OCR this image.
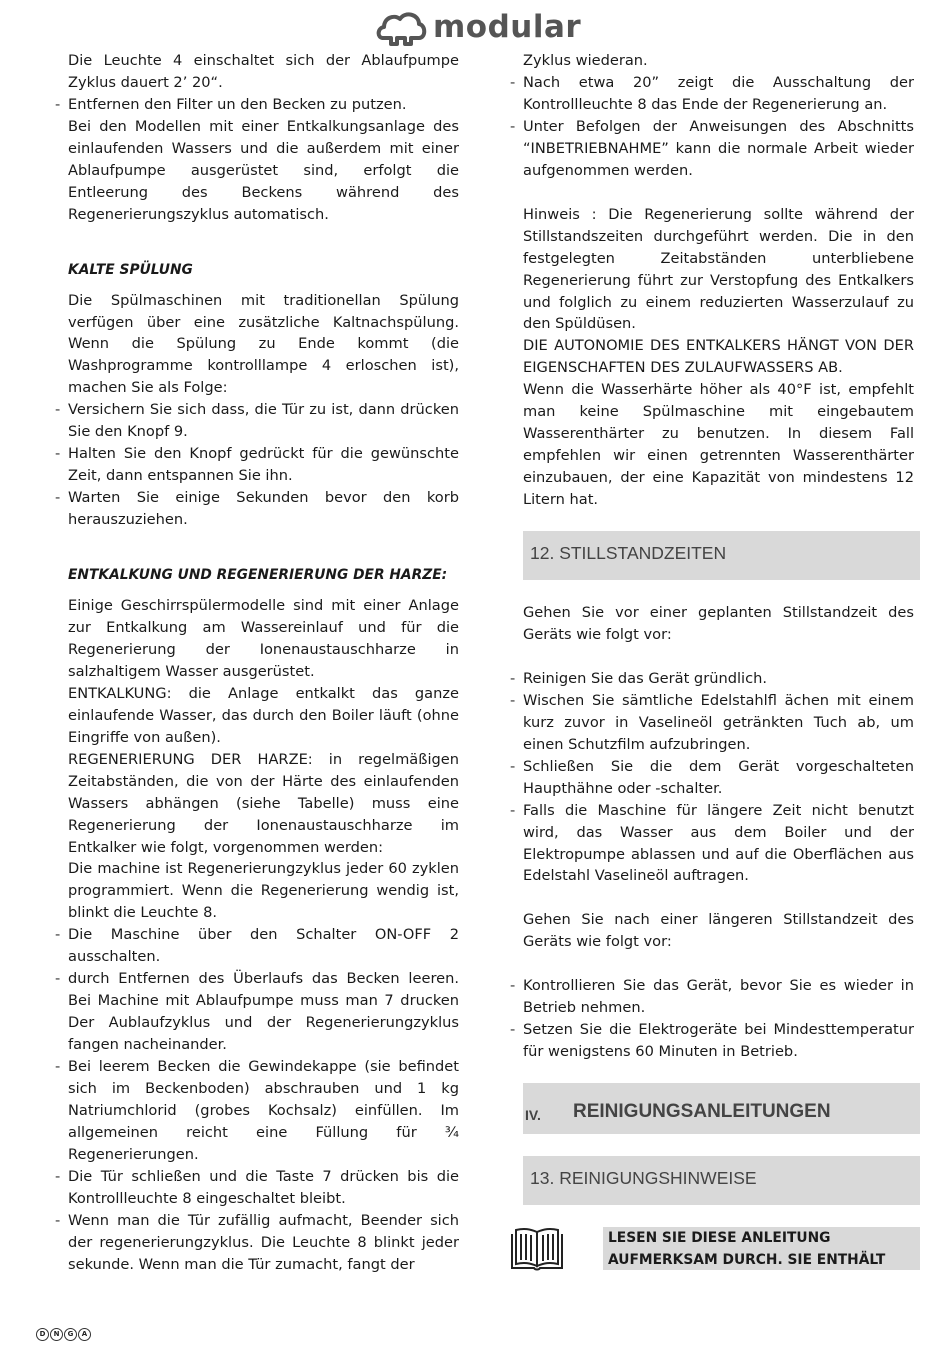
modular

Die Leuchte 4 einschaltet sich der Ablaufpumpe Zyklus dauert 2’ 20“.

- Entfernen den Filter un den Becken zu putzen.

Bei den Modellen mit einer Entkalkungsanlage des einlaufenden Wassers und die außerdem mit einer Ablaufpumpe ausgerüstet sind, erfolgt die Entleerung des Beckens während des Regenerierungszyklus automatisch.

KALTE SPÜLUNG

Die Spülmaschinen mit traditionellan Spülung verfügen über eine zusätzliche Kaltnachspülung. Wenn die Spülung zu Ende kommt (die Washprogramme kontrolllampe 4 erloschen ist), machen Sie als Folge:

- Versichern Sie sich dass, die Tür zu ist, dann drücken Sie den Knopf 9.

- Halten Sie den Knopf gedrückt für die gewünschte Zeit, dann entspannen Sie ihn.

- Warten Sie einige Sekunden bevor den korb herauszuziehen.

ENTKALKUNG UND REGENERIERUNG DER HARZE:

Einige Geschirrspülermodelle sind mit einer Anlage zur Entkalkung am Wassereinlauf und für die Regenerierung der Ionenaustauschharze in salzhaltigem Wasser ausgerüstet.

ENTKALKUNG: die Anlage entkalkt das ganze einlaufende Wasser, das durch den Boiler läuft (ohne Eingriffe von außen).

REGENERIERUNG DER HARZE: in regelmäßigen Zeitabständen, die von der Härte des einlaufenden Wassers abhängen (siehe Tabelle) muss eine Regenerierung der Ionenaustauschharze im Entkalker wie folgt, vorgenommen werden:

Die machine ist Regenerierungzyklus jeder 60 zyklen programmiert. Wenn die Regenerierung wendig ist, blinkt die Leuchte 8.

- Die Maschine über den Schalter ON-OFF 2 ausschalten.

- durch Entfernen des Überlaufs das Becken leeren. Bei Machine mit Ablaufpumpe muss man 7 drucken Der Aublaufzyklus und der Regenerierungzyklus fangen nacheinander.

- Bei leerem Becken die Gewindekappe (sie befindet sich im Beckenboden) abschrauben und 1 kg Natriumchlorid (grobes Kochsalz) einfüllen. Im allgemeinen reicht eine Füllung für ¾ Regenerierungen.

- Die Tür schließen und die Taste 7 drücken bis die Kontrollleuchte 8 eingeschaltet bleibt.

- Wenn man die Tür zufällig aufmacht, Beender sich der regenerierungzyklus. Die Leuchte 8 blinkt jeder sekunde. Wenn man die Tür zumacht, fangt der

Zyklus wiederan.

- Nach etwa 20” zeigt die Ausschaltung der Kontrollleuchte 8 das Ende der Regenerierung an.

- Unter Befolgen der Anweisungen des Abschnitts “INBETRIEBNAHME” kann die normale Arbeit wieder aufgenommen werden.

Hinweis : Die Regenerierung sollte während der Stillstandszeiten durchgeführt werden. Die in den festgelegten Zeitabständen unterbliebene Regenerierung führt zur Verstopfung des Entkalkers und folglich zu einem reduzierten Wasserzulauf zu den Spüldüsen.

DIE AUTONOMIE DES ENTKALKERS HÄNGT VON DER EIGENSCHAFTEN DES ZULAUFWASSERS AB.

Wenn die Wasserhärte höher als 40°F ist, empfehlt man keine Spülmaschine mit eingebautem Wasserenthärter zu benutzen. In diesem Fall empfehlen wir einen getrennten Wasserenthärter einzubauen, der eine Kapazität von mindestens 12 Litern hat.

12. STILLSTANDZEITEN

Gehen Sie vor einer geplanten Stillstandzeit des Geräts wie folgt vor:

- Reinigen Sie das Gerät gründlich.

- Wischen Sie sämtliche Edelstahlfl ächen mit einem kurz zuvor in Vaselineöl getränkten Tuch ab, um einen Schutzfilm aufzubringen.

- Schließen Sie die dem Gerät vorgeschalteten Haupthähne oder -schalter.

- Falls die Maschine für längere Zeit nicht benutzt wird, das Wasser aus dem Boiler und der Elektropumpe ablassen und auf die Oberflächen aus Edelstahl Vaselineöl auftragen.

Gehen Sie nach einer längeren Stillstandzeit des Geräts wie folgt vor:

- Kontrollieren Sie das Gerät, bevor Sie es wieder in Betrieb nehmen.

- Setzen Sie die Elektrogeräte bei Mindesttemperatur für wenigstens 60 Minuten in Betrieb.

IV. REINIGUNGSANLEITUNGEN
13. REINIGUNGSHINWEISE
LESEN SIE DIESE ANLEITUNG AUFMERKSAM DURCH. SIE ENTHÄLT
D	N	G	A
